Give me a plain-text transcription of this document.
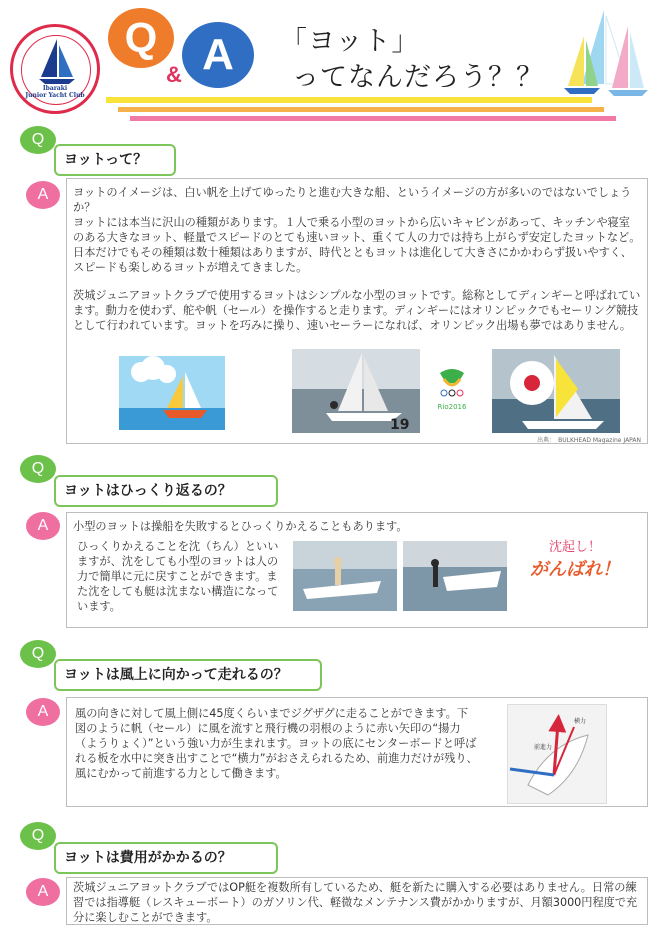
Ibaraki
Junior Yacht Club
Q	A
&
「ヨット」
ってなんだろう？？
Q
ヨットって？
A	ヨットのイメージは、白い帆を上げてゆったりと進む大きな船、というイメージの方が多いのではないでしょうか？
ヨットには本当に沢山の種類があります。１人で乗る小型のヨットから広いキャビンがあって、キッチンや寝室のある大きなヨット、軽量でスピードのとても速いヨット、重くて人の力では持ち上がらず安定したヨットなど。日本だけでもその種類は数十種類はありますが、時代とともヨットは進化して大きさにかかわらず扱いやすく、スピードも楽しめるヨットが増えてきました。
茨城ジュニアヨットクラブで使用するヨットはシンプルな小型のヨットです。総称としてディンギーと呼ばれています。動力を使わず、舵や帆（セール）を操作すると走ります。ディンギーにはオリンピックでもセーリング競技として行われています。ヨットを巧みに操り、速いセーラーになれば、オリンピック出場も夢ではありません。
19
Rio2016
出典：　BULKHEAD Magazine JAPAN
Q
ヨットはひっくり返るの？
A	小型のヨットは操船を失敗するとひっくりかえることもあります。
ひっくりかえることを沈（ちん）といいますが、沈をしても小型のヨットは人の力で簡単に元に戻すことができます。また沈をしても艇は沈まない構造になっています。
沈起し！
がんばれ！
Q
ヨットは風上に向かって走れるの？
A	風の向きに対して風上側に45度くらいまでジグザグに走ることができます。下図のように帆（セール）に風を流すと飛行機の羽根のように赤い矢印の“揚力（ようりょく）”という強い力が生まれます。ヨットの底にセンターボードと呼ばれる板を水中に突き出すことで“横力”がおさえられるため、前進力だけが残り、風にむかって前進する力として働きます。
横力
前進力
Q
ヨットは費用がかかるの？
A	茨城ジュニアヨットクラブではOP艇を複数所有しているため、艇を新たに購入する必要はありません。日常の練習では指導艇（レスキューボート）のガソリン代、軽微なメンテナンス費がかかりますが、月額3000円程度で充分に楽しむことができます。
